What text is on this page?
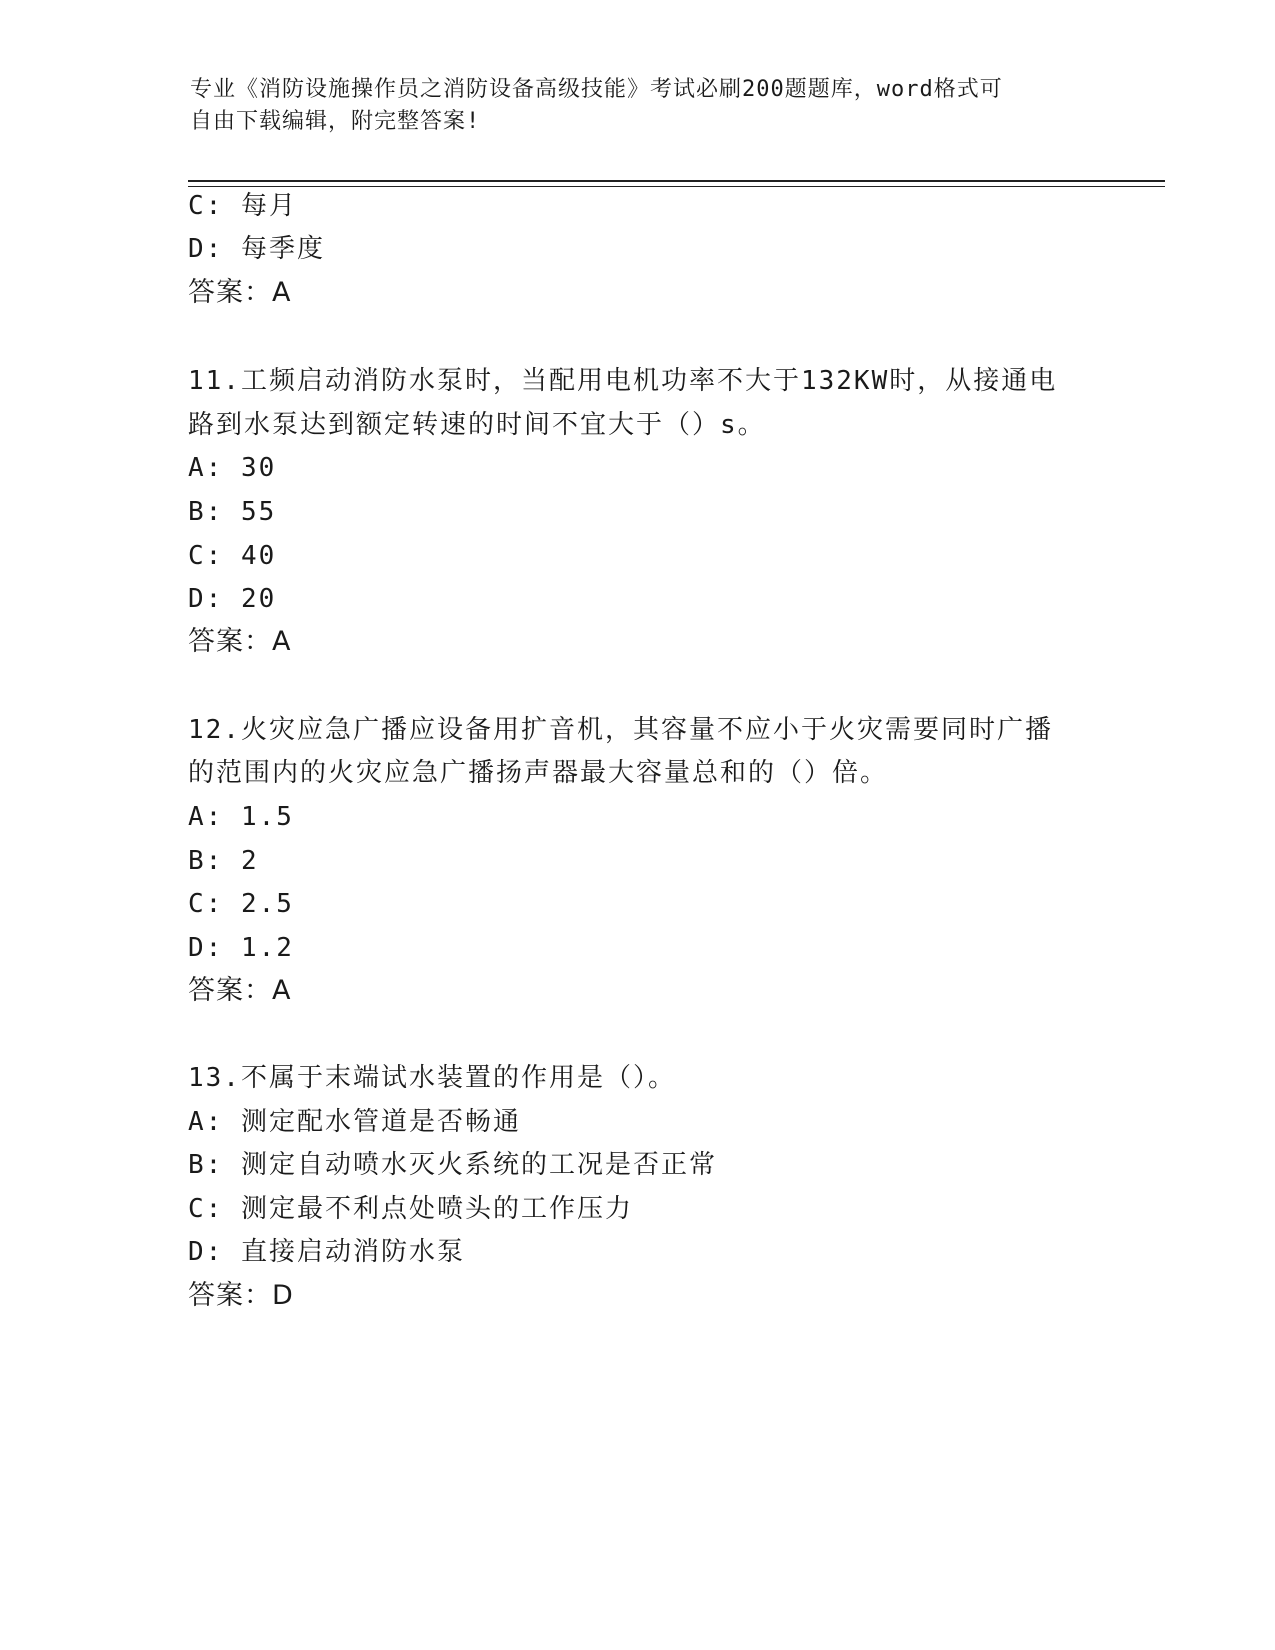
专业《消防设施操作员之消防设备高级技能》考试必刷200题题库，word格式可
自由下载编辑，附完整答案!
C: 每月
D: 每季度
答案：A
11.工频启动消防水泵时，当配用电机功率不大于132KW时，从接通电
路到水泵达到额定转速的时间不宜大于（）s。
A: 30
B: 55
C: 40
D: 20
答案：A
12.火灾应急广播应设备用扩音机，其容量不应小于火灾需要同时广播
的范围内的火灾应急广播扬声器最大容量总和的（）倍。
A: 1.5
B: 2
C: 2.5
D: 1.2
答案：A
13.不属于末端试水装置的作用是（）。
A: 测定配水管道是否畅通
B: 测定自动喷水灭火系统的工况是否正常
C: 测定最不利点处喷头的工作压力
D: 直接启动消防水泵
答案：D
